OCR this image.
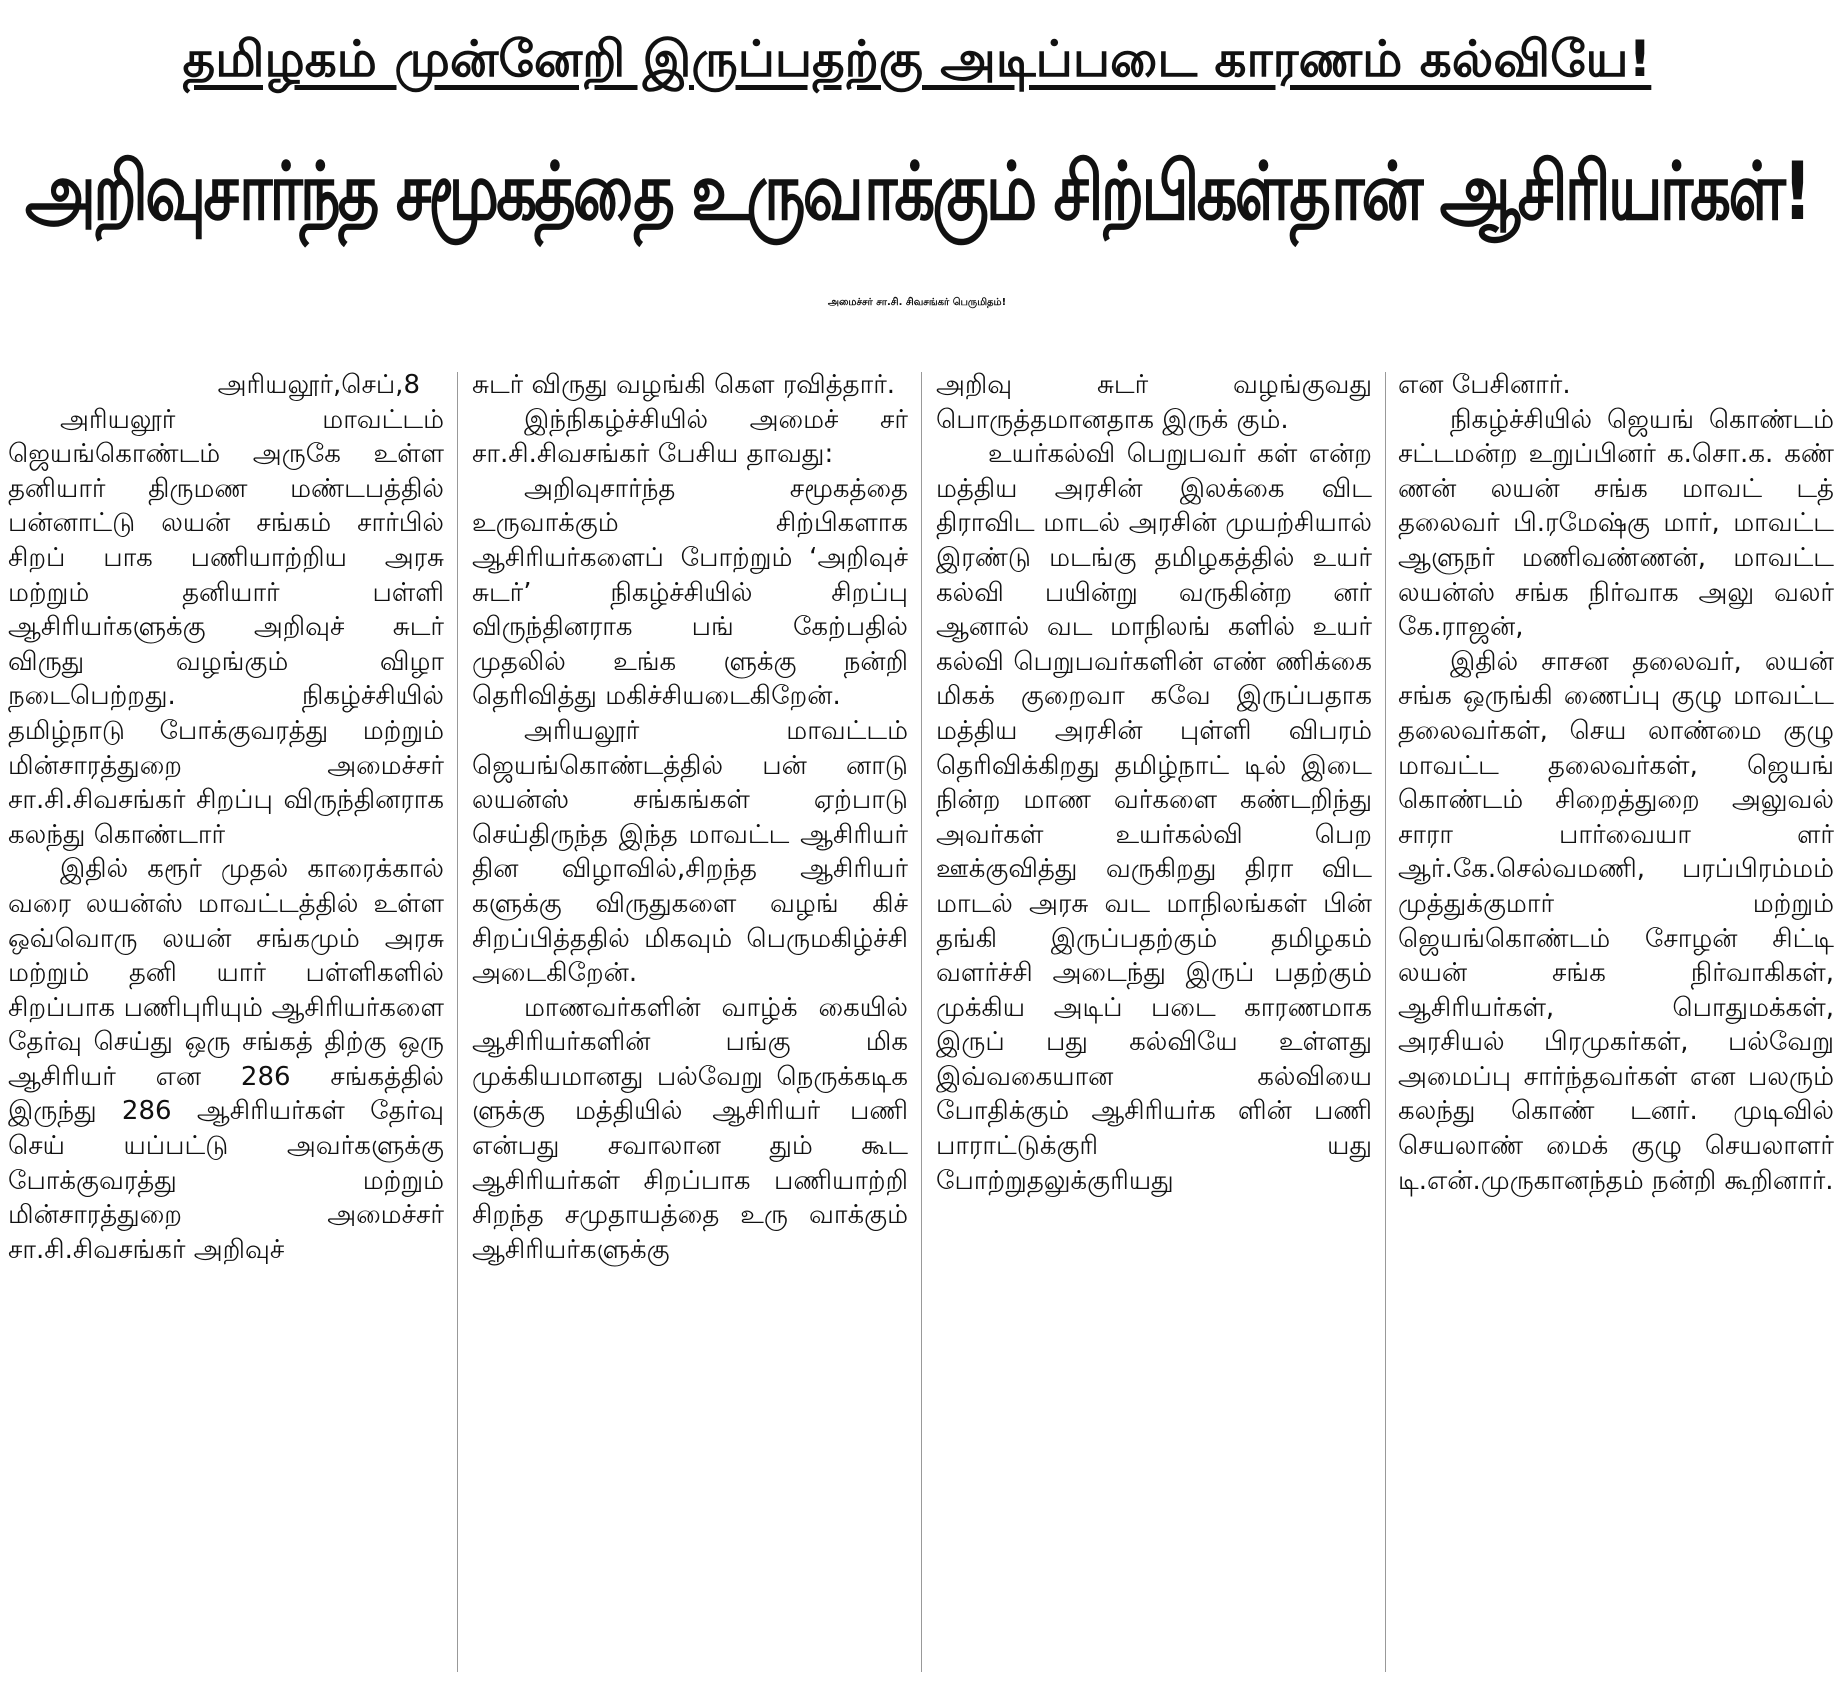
தமிழகம் முன்னேறி இருப்பதற்கு அடிப்படை காரணம் கல்வியே!
அறிவுசார்ந்த சமூகத்தை உருவாக்கும் சிற்பிகள்தான் ஆசிரியர்கள்!
அமைச்சர் சா.சி. சிவசங்கர் பெருமிதம்!

அரியலூர்,செப்,8

அரியலூர் மாவட்டம் ஜெயங்கொண்டம் அருகே உள்ள தனியார் திருமண மண்டபத்தில் பன்னாட்டு லயன் சங்கம் சார்பில் சிறப் பாக பணியாற்றிய அரசு மற்றும் தனியார் பள்ளி ஆசிரியர்களுக்கு அறிவுச் சுடர் விருது வழங்கும் விழா நடைபெற்றது. நிகழ்ச்சியில் தமிழ்நாடு போக்குவரத்து மற்றும் மின்சாரத்துறை அமைச்சர் சா.சி.சிவசங்கர் சிறப்பு விருந்தினராக கலந்து கொண்டார்

இதில் கரூர் முதல் காரைக்கால் வரை லயன்ஸ் மாவட்டத்தில் உள்ள ஒவ்வொரு லயன் சங்கமும் அரசு மற்றும் தனி யார் பள்ளிகளில் சிறப்பாக பணிபுரியும் ஆசிரியர்களை தேர்வு செய்து ஒரு சங்கத் திற்கு ஒரு ஆசிரியர் என 286 சங்கத்தில் இருந்து 286 ஆசிரியர்கள் தேர்வு செய் யப்பட்டு அவர்களுக்கு போக்குவரத்து மற்றும் மின்சாரத்துறை அமைச்சர் சா.சி.சிவசங்கர் அறிவுச்

சுடர் விருது வழங்கி கௌ ரவித்தார்.

இந்நிகழ்ச்சியில் அமைச் சர் சா.சி.சிவசங்கர் பேசிய தாவது:

அறிவுசார்ந்த சமூகத்தை உருவாக்கும் சிற்பிகளாக ஆசிரியர்களைப் போற்றும் ‘அறிவுச் சுடர்’ நிகழ்ச்சியில் சிறப்பு விருந்தினராக பங் கேற்பதில் முதலில் உங்க ளுக்கு நன்றி தெரிவித்து மகிச்சியடைகிறேன்.

அரியலூர் மாவட்டம் ஜெயங்கொண்டத்தில் பன் னாடு லயன்ஸ் சங்கங்கள் ஏற்பாடு செய்திருந்த இந்த மாவட்ட ஆசிரியர் தின விழாவில்,சிறந்த ஆசிரியர் களுக்கு விருதுகளை வழங் கிச் சிறப்பித்ததில் மிகவும் பெருமகிழ்ச்சி அடைகிறேன்.

மாணவர்களின் வாழ்க் கையில் ஆசிரியர்களின் பங்கு மிக முக்கியமானது பல்வேறு நெருக்கடிக ளுக்கு மத்தியில் ஆசிரியர் பணி என்பது சவாலான தும் கூட ஆசிரியர்கள் சிறப்பாக பணியாற்றி சிறந்த சமுதாயத்தை உரு வாக்கும் ஆசிரியர்களுக்கு

அறிவு சுடர் வழங்குவது பொருத்தமானதாக இருக் கும்.

உயர்கல்வி பெறுபவர் கள் என்ற மத்திய அரசின் இலக்கை விட திராவிட மாடல் அரசின் முயற்சியால் இரண்டு மடங்கு தமிழகத்தில் உயர் கல்வி பயின்று வருகின்ற னர் ஆனால் வட மாநிலங் களில் உயர் கல்வி பெறுபவர்களின் எண் ணிக்கை மிகக் குறைவா கவே இருப்பதாக மத்திய அரசின் புள்ளி விபரம் தெரிவிக்கிறது தமிழ்நாட் டில் இடை நின்ற மாண வர்களை கண்டறிந்து அவர்கள் உயர்கல்வி பெற ஊக்குவித்து வருகிறது திரா விட மாடல் அரசு வட மாநிலங்கள் பின் தங்கி இருப்பதற்கும் தமிழகம் வளர்ச்சி அடைந்து இருப் பதற்கும் முக்கிய அடிப் படை காரணமாக இருப் பது கல்வியே உள்ளது இவ்வகையான கல்வியை போதிக்கும் ஆசிரியர்க ளின் பணி பாராட்டுக்குரி யது போற்றுதலுக்குரியது

என பேசினார்.

நிகழ்ச்சியில் ஜெயங் கொண்டம் சட்டமன்ற உறுப்பினர் க.சொ.க. கண் ணன் லயன் சங்க மாவட் டத் தலைவர் பி.ரமேஷ்கு மார், மாவட்ட ஆளுநர் மணிவண்ணன், மாவட்ட லயன்ஸ் சங்க நிர்வாக அலு வலர் கே.ராஜன்,

இதில் சாசன தலைவர், லயன் சங்க ஒருங்கி ணைப்பு குழு மாவட்ட தலைவர்கள், செய லாண்மை குழு மாவட்ட தலைவர்கள், ஜெயங் கொண்டம் சிறைத்துறை அலுவல் சாரா பார்வையா ளர் ஆர்.கே.செல்வமணி, பரப்பிரம்மம் முத்துக்குமார் மற்றும் ஜெயங்கொண்டம் சோழன் சிட்டி லயன் சங்க நிர்வாகிகள், ஆசிரியர்கள், பொதுமக்கள், அரசியல் பிரமுகர்கள், பல்வேறு அமைப்பு சார்ந்தவர்கள் என பலரும் கலந்து கொண் டனர். முடிவில் செயலாண் மைக் குழு செயலாளர் டி.என்.முருகானந்தம் நன்றி கூறினார்.
